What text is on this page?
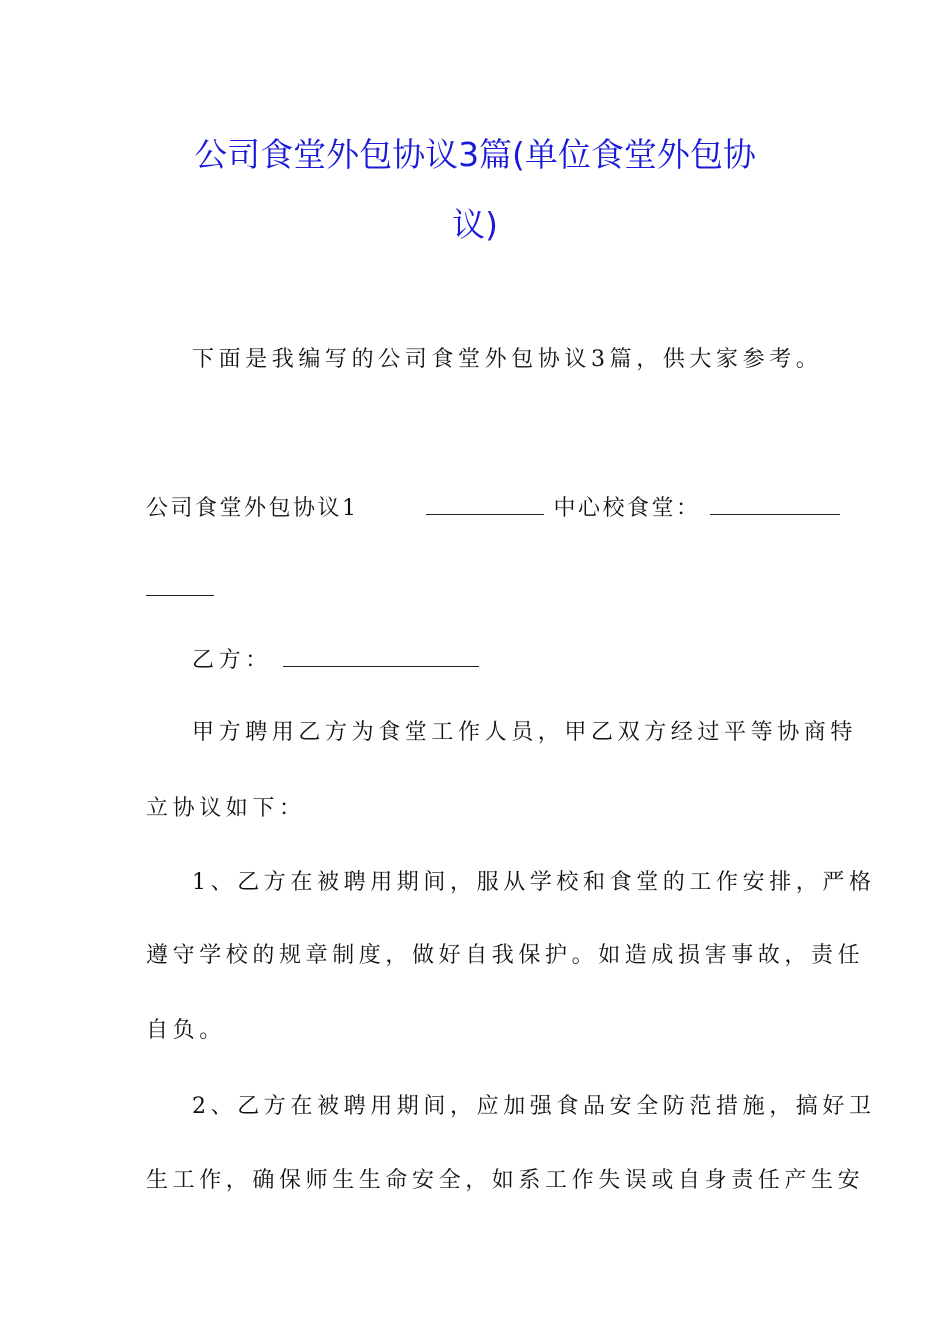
公司食堂外包协议3篇(单位食堂外包协
议)
下面是我编写的公司食堂外包协议3篇，供大家参考。
公司食堂外包协议1	中心校食堂：
乙方：
甲方聘用乙方为食堂工作人员，甲乙双方经过平等协商特
立协议如下：
1、乙方在被聘用期间，服从学校和食堂的工作安排，严格
遵守学校的规章制度，做好自我保护。如造成损害事故，责任
自负。
2、乙方在被聘用期间，应加强食品安全防范措施，搞好卫
生工作，确保师生生命安全，如系工作失误或自身责任产生安
